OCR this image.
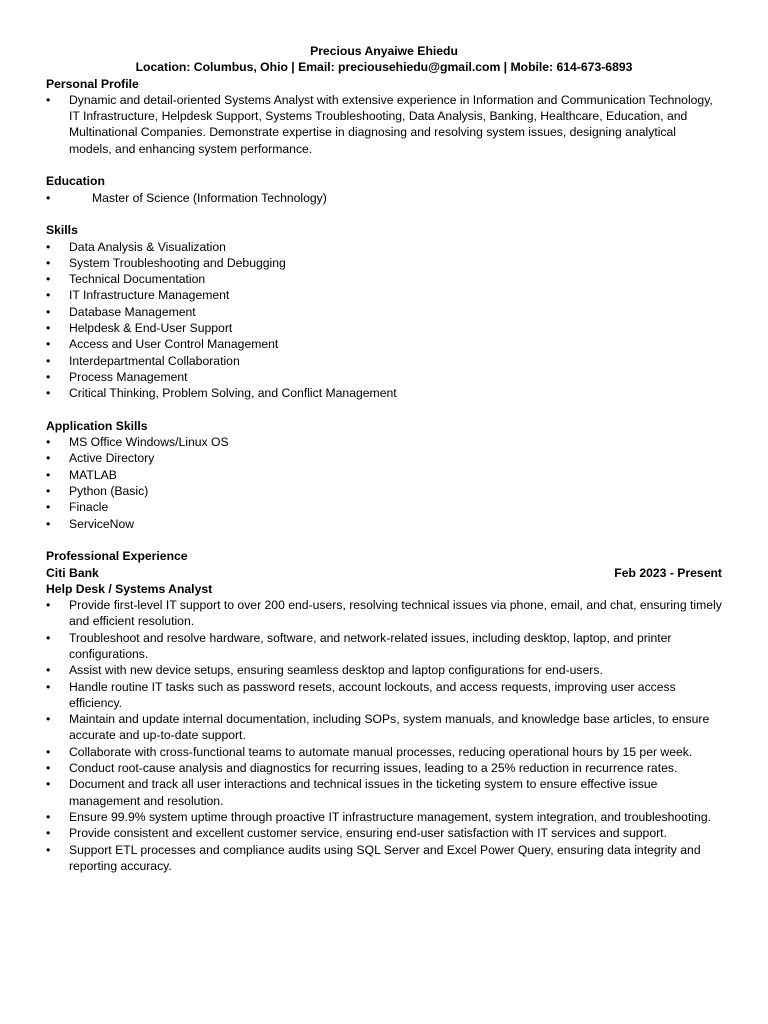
Precious Anyaiwe Ehiedu
Location: Columbus, Ohio | Email: preciousehiedu@gmail.com | Mobile: 614-673-6893
Personal Profile
• Dynamic and detail-oriented Systems Analyst with extensive experience in Information and Communication Technology, IT Infrastructure, Helpdesk Support, Systems Troubleshooting, Data Analysis, Banking, Healthcare, Education, and Multinational Companies. Demonstrate expertise in diagnosing and resolving system issues, designing analytical models, and enhancing system performance.
Education
• Master of Science (Information Technology)
Skills
• Data Analysis & Visualization
• System Troubleshooting and Debugging
• Technical Documentation
• IT Infrastructure Management
• Database Management
• Helpdesk & End-User Support
• Access and User Control Management
• Interdepartmental Collaboration
• Process Management
• Critical Thinking, Problem Solving, and Conflict Management
Application Skills
• MS Office Windows/Linux OS
• Active Directory
• MATLAB
• Python (Basic)
• Finacle
• ServiceNow
Professional Experience
Citi Bank	Feb 2023 - Present
Help Desk / Systems Analyst
• Provide first-level IT support to over 200 end-users, resolving technical issues via phone, email, and chat, ensuring timely and efficient resolution.
• Troubleshoot and resolve hardware, software, and network-related issues, including desktop, laptop, and printer configurations.
• Assist with new device setups, ensuring seamless desktop and laptop configurations for end-users.
• Handle routine IT tasks such as password resets, account lockouts, and access requests, improving user access efficiency.
• Maintain and update internal documentation, including SOPs, system manuals, and knowledge base articles, to ensure accurate and up-to-date support.
• Collaborate with cross-functional teams to automate manual processes, reducing operational hours by 15 per week.
• Conduct root-cause analysis and diagnostics for recurring issues, leading to a 25% reduction in recurrence rates.
• Document and track all user interactions and technical issues in the ticketing system to ensure effective issue management and resolution.
• Ensure 99.9% system uptime through proactive IT infrastructure management, system integration, and troubleshooting.
• Provide consistent and excellent customer service, ensuring end-user satisfaction with IT services and support.
• Support ETL processes and compliance audits using SQL Server and Excel Power Query, ensuring data integrity and reporting accuracy.
